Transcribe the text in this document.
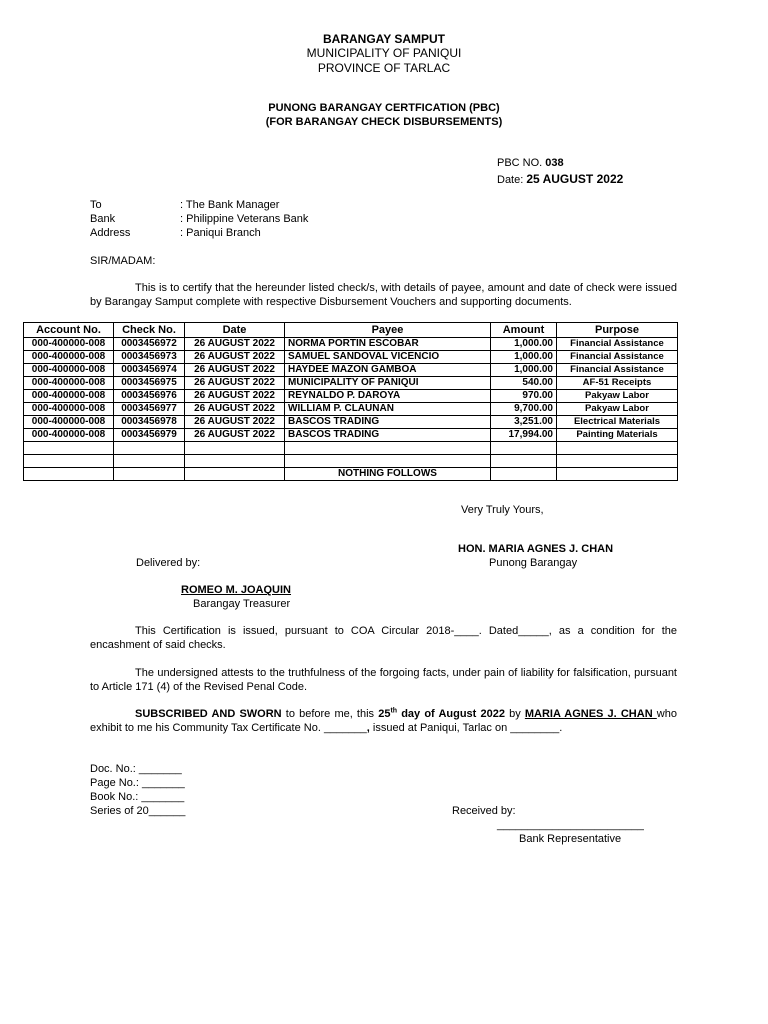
BARANGAY SAMPUT
MUNICIPALITY OF PANIQUI
PROVINCE OF TARLAC
PUNONG BARANGAY CERTFICATION (PBC)
(FOR BARANGAY CHECK DISBURSEMENTS)
PBC NO. 038
Date: 25 AUGUST 2022
To	: The Bank Manager
Bank	: Philippine Veterans Bank
Address	: Paniqui Branch
SIR/MADAM:
This is to certify that the hereunder listed check/s, with details of payee, amount and date of check were issued by Barangay Samput complete with respective Disbursement Vouchers and supporting documents.
Account No.	Check No.	Date	Payee	Amount	Purpose
000-400000-008	0003456972	26 AUGUST 2022	NORMA PORTIN ESCOBAR	1,000.00	Financial Assistance
000-400000-008	0003456973	26 AUGUST 2022	SAMUEL SANDOVAL VICENCIO	1,000.00	Financial Assistance
000-400000-008	0003456974	26 AUGUST 2022	HAYDEE MAZON GAMBOA	1,000.00	Financial Assistance
000-400000-008	0003456975	26 AUGUST 2022	MUNICIPALITY OF PANIQUI	540.00	AF-51 Receipts
000-400000-008	0003456976	26 AUGUST 2022	REYNALDO P. DAROYA	970.00	Pakyaw Labor
000-400000-008	0003456977	26 AUGUST 2022	WILLIAM P. CLAUNAN	9,700.00	Pakyaw Labor
000-400000-008	0003456978	26 AUGUST 2022	BASCOS TRADING	3,251.00	Electrical Materials
000-400000-008	0003456979	26 AUGUST 2022	BASCOS TRADING	17,994.00	Painting Materials

			NOTHING FOLLOWS		
Very Truly Yours,
HON. MARIA AGNES J. CHAN
Punong Barangay
Delivered by:
ROMEO M. JOAQUIN
Barangay Treasurer
This Certification is issued, pursuant to COA Circular 2018-____. Dated_____, as a condition for the encashment of said checks.
The undersigned attests to the truthfulness of the forgoing facts, under pain of liability for falsification, pursuant to Article 171 (4) of the Revised Penal Code.
SUBSCRIBED AND SWORN to before me, this 25th day of August 2022 by MARIA AGNES J. CHAN who exhibit to me his Community Tax Certificate No. _______, issued at Paniqui, Tarlac on ________.
Doc. No.: _______
Page No.: _______
Book No.: _______
Series of 20______	Received by:
________________________
Bank Representative
